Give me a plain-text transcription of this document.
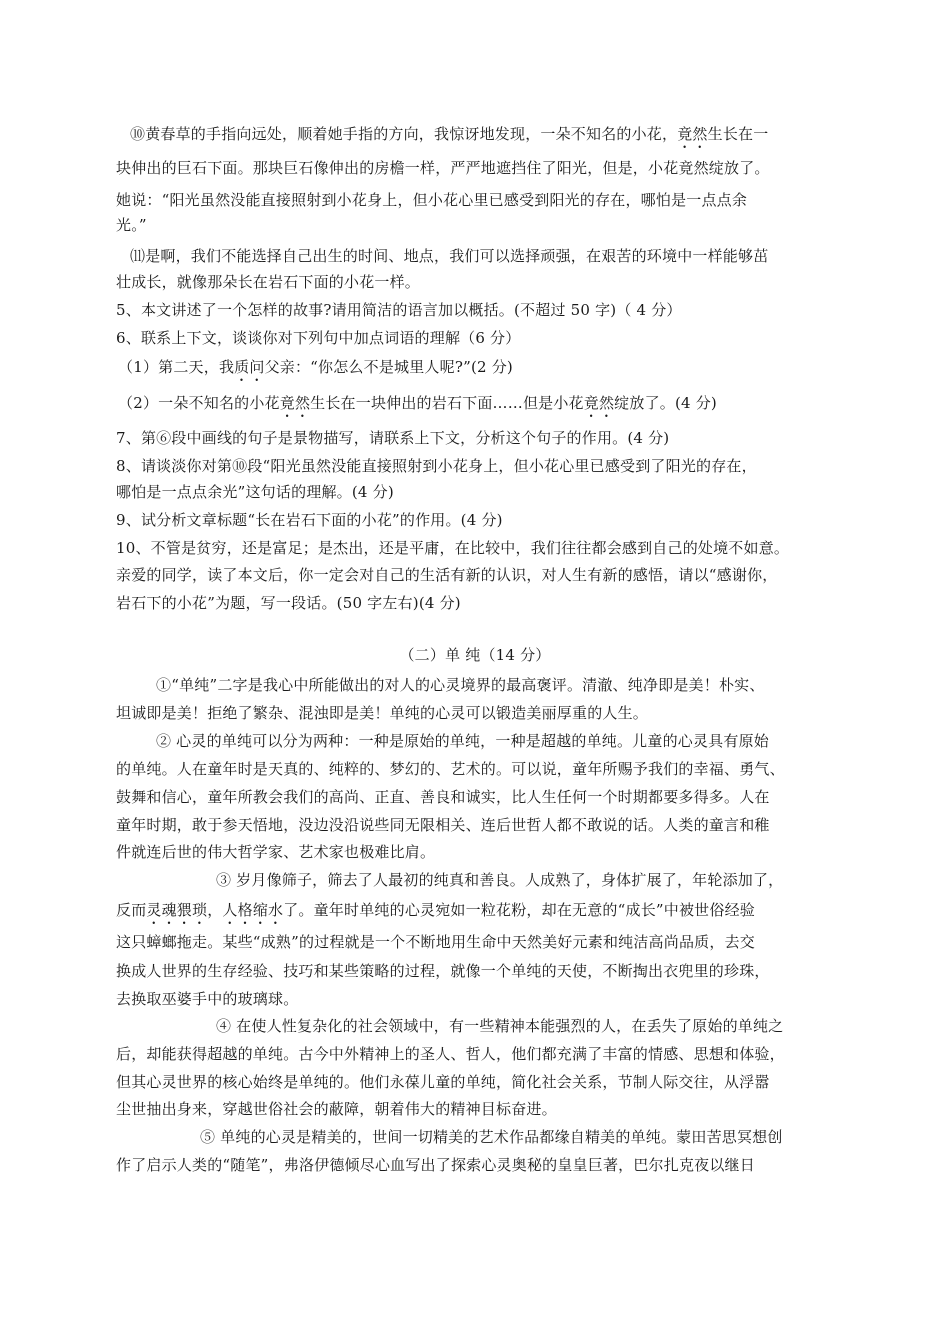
⑩黄春草的手指向远处，顺着她手指的方向，我惊讶地发现，一朵不知名的小花，竟然生长在一
块伸出的巨石下面。那块巨石像伸出的房檐一样，严严地遮挡住了阳光，但是，小花竟然绽放了。
她说：“阳光虽然没能直接照射到小花身上，但小花心里已感受到阳光的存在，哪怕是一点点余
光。”
⑾是啊，我们不能选择自己出生的时间、地点，我们可以选择顽强，在艰苦的环境中一样能够茁
壮成长，就像那朵长在岩石下面的小花一样。
5、本文讲述了一个怎样的故事?请用简洁的语言加以概括。(不超过 50 字)（ 4 分）
6、联系上下文，谈谈你对下列句中加点词语的理解（6 分）
（1）第二天，我质问父亲：“你怎么不是城里人呢?”(2 分)
（2）一朵不知名的小花竟然生长在一块伸出的岩石下面……但是小花竟然绽放了。(4 分)
7、第⑥段中画线的句子是景物描写，请联系上下文，分析这个句子的作用。(4 分)
8、请谈淡你对第⑩段“阳光虽然没能直接照射到小花身上，但小花心里已感受到了阳光的存在，
哪怕是一点点余光”这句话的理解。(4 分)
9、试分析文章标题“长在岩石下面的小花”的作用。(4 分)
10、不管是贫穷，还是富足；是杰出，还是平庸，在比较中，我们往往都会感到自己的处境不如意。
亲爱的同学，读了本文后，你一定会对自己的生活有新的认识，对人生有新的感悟，请以“感谢你，
岩石下的小花”为题，写一段话。(50 字左右)(4 分)
（二）单 纯（14 分）
①“单纯”二字是我心中所能做出的对人的心灵境界的最高褒评。清澈、纯净即是美！朴实、
坦诚即是美！拒绝了繁杂、混浊即是美！单纯的心灵可以锻造美丽厚重的人生。
② 心灵的单纯可以分为两种：一种是原始的单纯，一种是超越的单纯。儿童的心灵具有原始
的单纯。人在童年时是天真的、纯粹的、梦幻的、艺术的。可以说，童年所赐予我们的幸福、勇气、
鼓舞和信心，童年所教会我们的高尚、正直、善良和诚实，比人生任何一个时期都要多得多。人在
童年时期，敢于参天悟地，没边没沿说些同无限相关、连后世哲人都不敢说的话。人类的童言和稚
件就连后世的伟大哲学家、艺术家也极难比肩。
③ 岁月像筛子，筛去了人最初的纯真和善良。人成熟了，身体扩展了，年轮添加了，
反而灵魂猥琐，人格缩水了。童年时单纯的心灵宛如一粒花粉，却在无意的“成长”中被世俗经验
这只蟑螂拖走。某些“成熟”的过程就是一个不断地用生命中天然美好元素和纯洁高尚品质，去交
换成人世界的生存经验、技巧和某些策略的过程，就像一个单纯的天使，不断掏出衣兜里的珍珠，
去换取巫婆手中的玻璃球。
④ 在使人性复杂化的社会领域中，有一些精神本能强烈的人，在丢失了原始的单纯之
后，却能获得超越的单纯。古今中外精神上的圣人、哲人，他们都充满了丰富的情感、思想和体验，
但其心灵世界的核心始终是单纯的。他们永葆儿童的单纯，简化社会关系，节制人际交往，从浮嚣
尘世抽出身来，穿越世俗社会的蔽障，朝着伟大的精神目标奋进。
⑤ 单纯的心灵是精美的，世间一切精美的艺术作品都缘自精美的单纯。蒙田苦思冥想创
作了启示人类的“随笔”，弗洛伊德倾尽心血写出了探索心灵奥秘的皇皇巨著，巴尔扎克夜以继日
